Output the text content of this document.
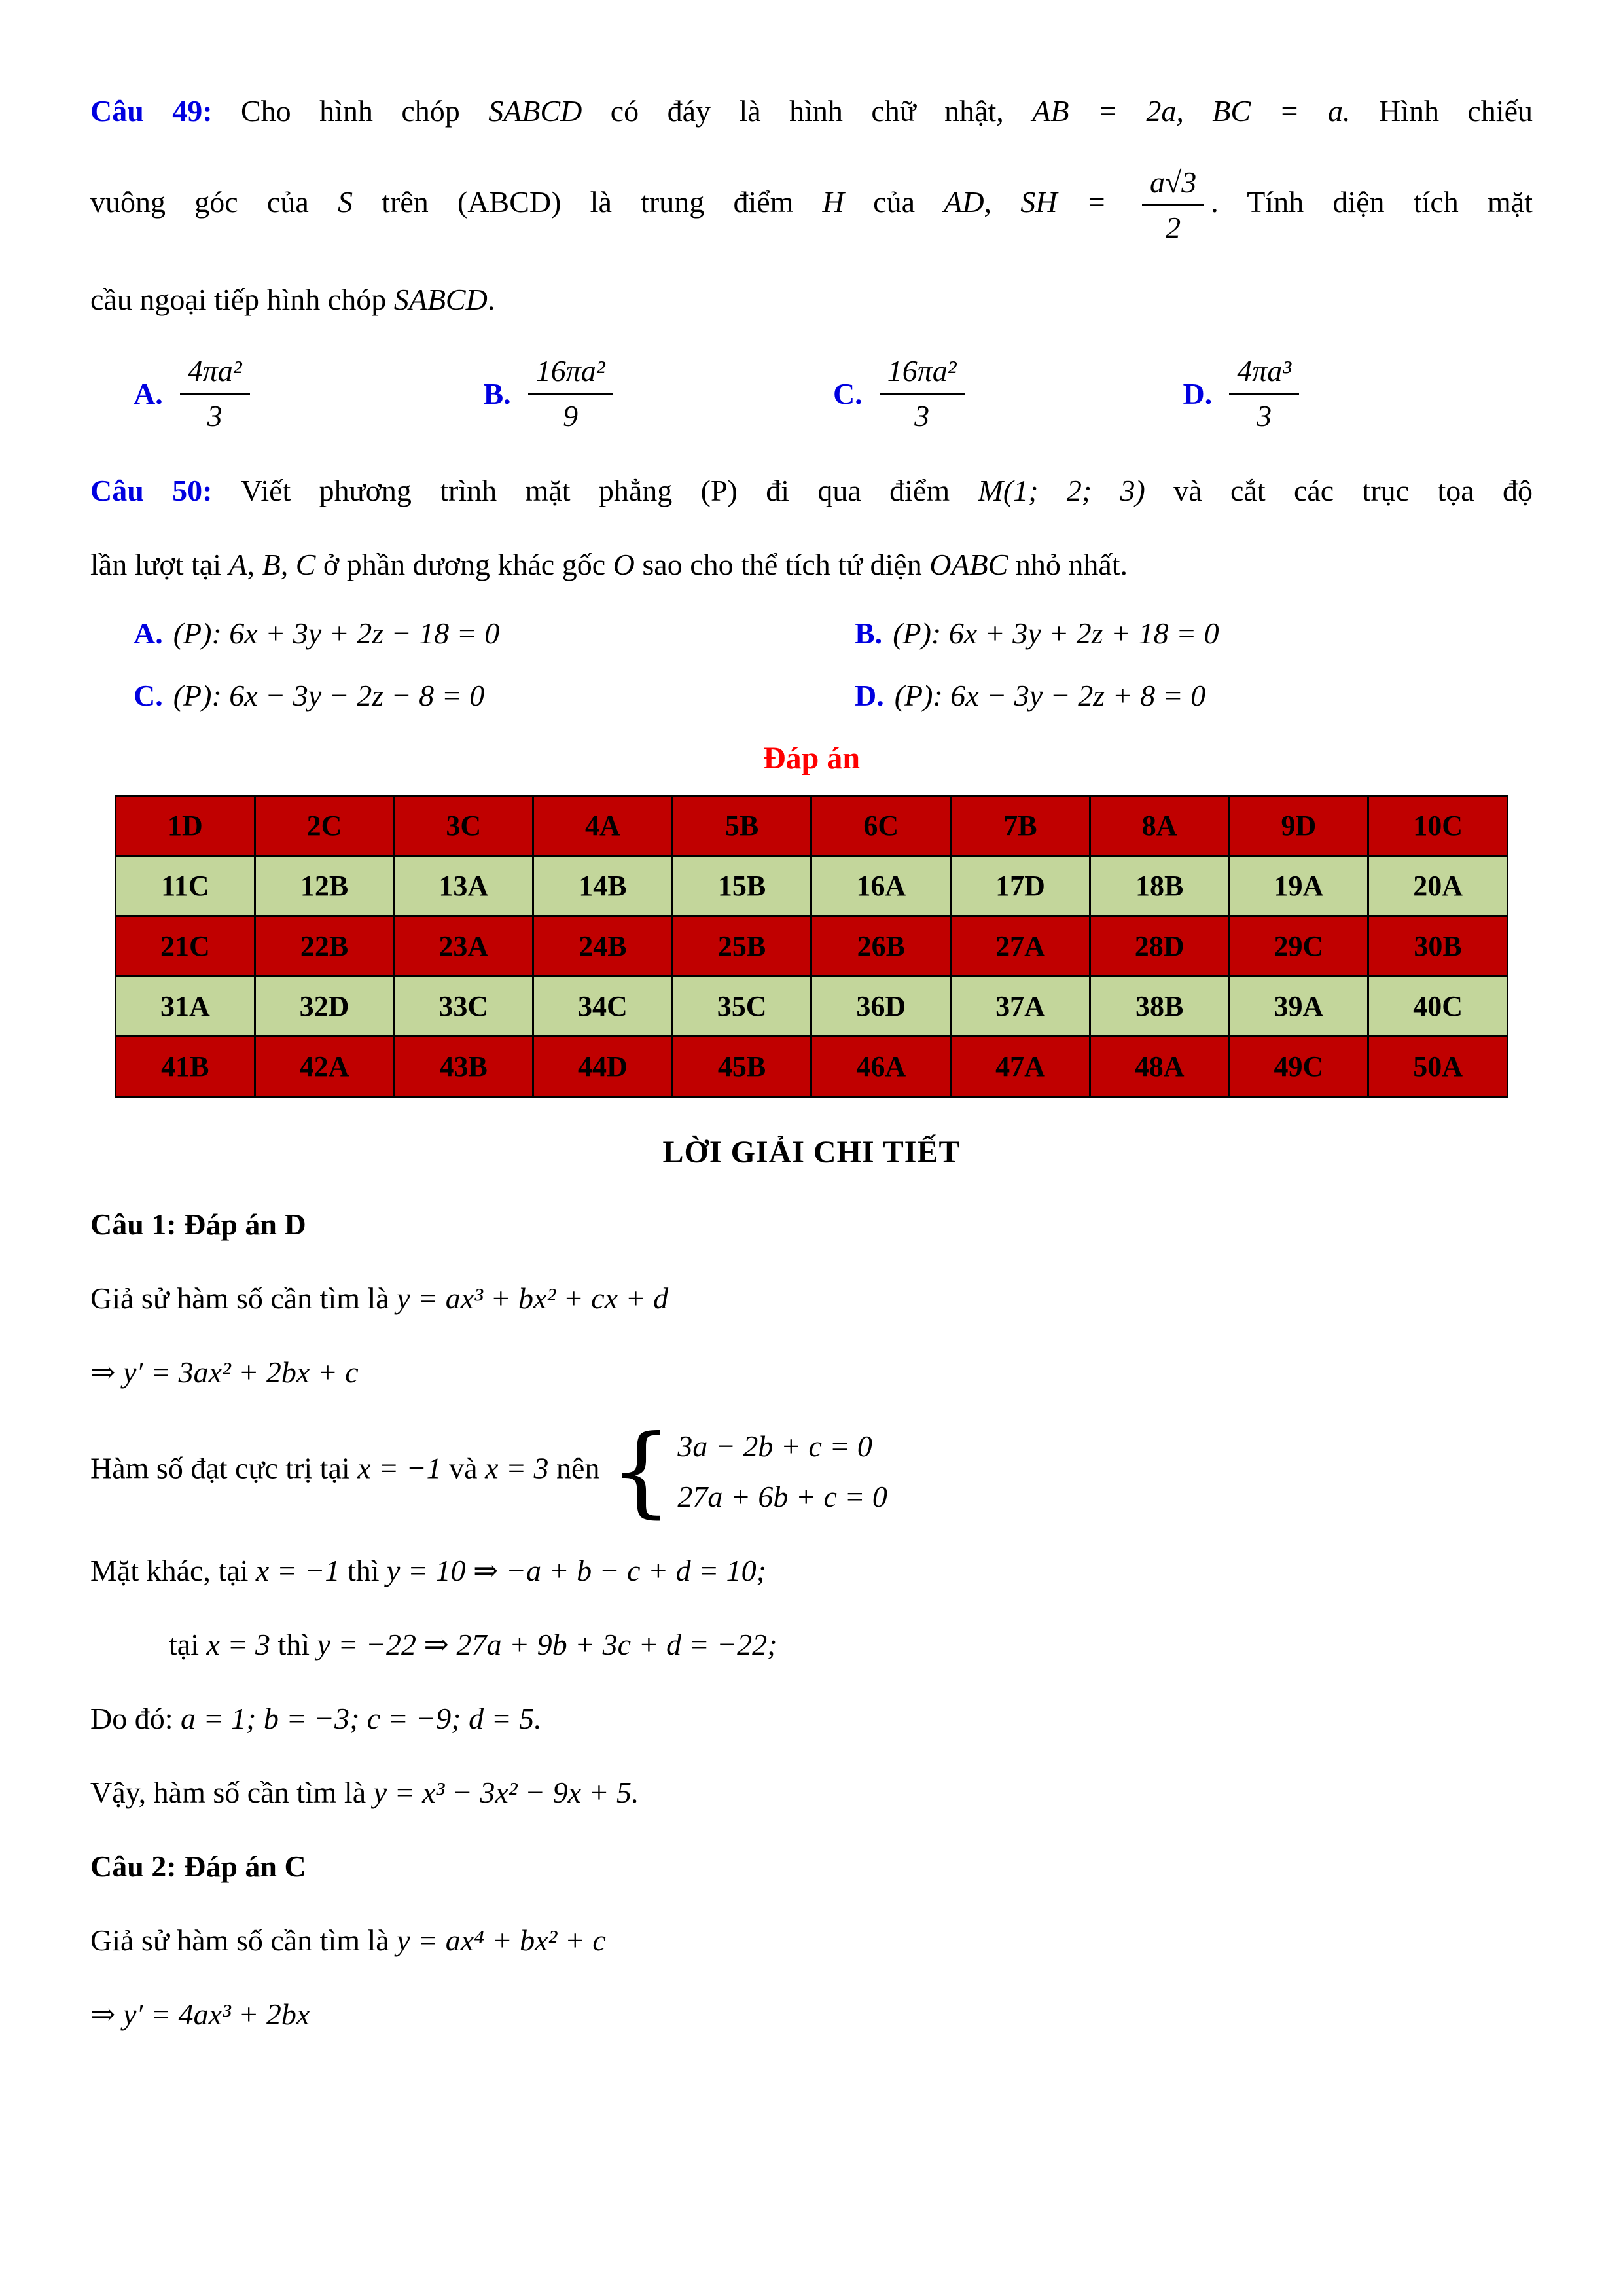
Câu 49: Cho hình chóp SABCD có đáy là hình chữ nhật, AB = 2a, BC = a. Hình chiếu

vuông góc của S trên (ABCD) là trung điểm H của AD, SH = $\frac{a√3}{2}$ . Tính diện tích mặt

cầu ngoại tiếp hình chóp SABCD.

A. $\frac{\text{4πa²}}{3}$	B. $\frac{\text{16πa²}}{9}$	C. $\frac{\text{16πa²}}{3}$	D. $\frac{\text{4πa³}}{3}$

Câu 50: Viết phương trình mặt phẳng (P) đi qua điểm M(1; 2; 3) và cắt các trục tọa độ

lần lượt tại A, B, C ở phần dương khác gốc O sao cho thể tích tứ diện OABC nhỏ nhất.

A. (P): 6x + 3y + 2z − 18 = 0	B. (P): 6x + 3y + 2z + 18 = 0
C. (P): 6x − 3y − 2z − 8 = 0	D. (P): 6x − 3y − 2z + 8 = 0

Đáp án

1D	2C	3C	4A	5B	6C	7B	8A	9D	10C
11C	12B	13A	14B	15B	16A	17D	18B	19A	20A
21C	22B	23A	24B	25B	26B	27A	28D	29C	30B
31A	32D	33C	34C	35C	36D	37A	38B	39A	40C
41B	42A	43B	44D	45B	46A	47A	48A	49C	50A

LỜI GIẢI CHI TIẾT

Câu 1: Đáp án D

Giả sử hàm số cần tìm là y = ax³ + bx² + cx + d

⇒ y′ = 3ax² + 2bx + c

Hàm số đạt cực trị tại x = −1 và x = 3 nên { 3a − 2b + c = 0
27a + 6b + c = 0

Mặt khác, tại x = −1 thì y = 10 ⇒ −a + b − c + d = 10;

tại x = 3 thì y = −22 ⇒ 27a + 9b + 3c + d = −22;

Do đó: a = 1; b = −3; c = −9; d = 5.

Vậy, hàm số cần tìm là y = x³ − 3x² − 9x + 5.

Câu 2: Đáp án C

Giả sử hàm số cần tìm là y = ax⁴ + bx² + c

⇒ y′ = 4ax³ + 2bx
